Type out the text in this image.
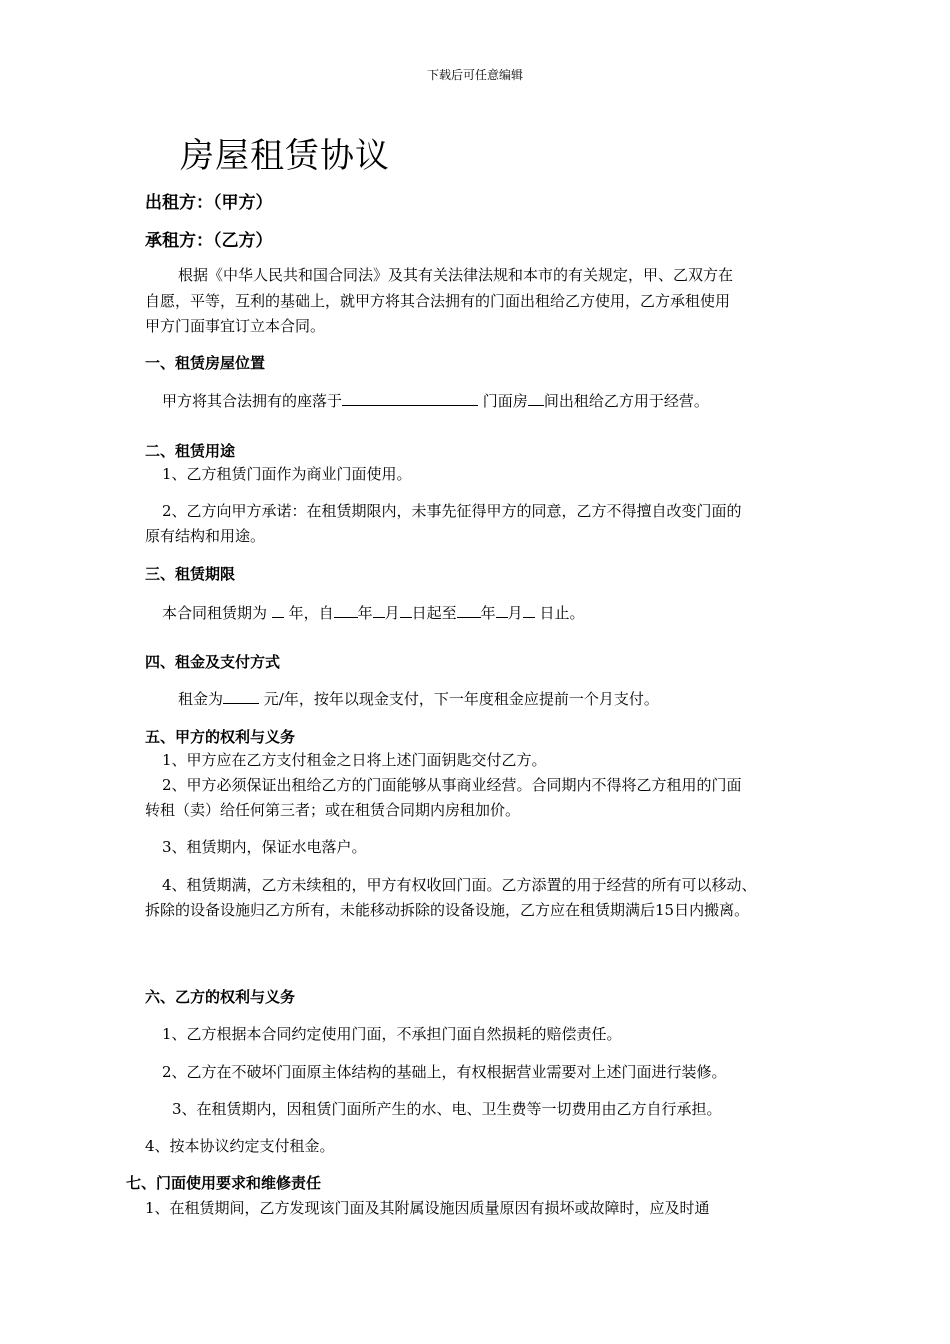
下载后可任意编辑
房屋租赁协议
出租方：（甲方）
承租方：（乙方）
根据《中华人民共和国合同法》及其有关法律法规和本市的有关规定，甲、乙双方在
自愿，平等，互利的基础上，就甲方将其合法拥有的门面出租给乙方使用，乙方承租使用
甲方门面事宜订立本合同。
一、租赁房屋位置
甲方将其合法拥有的座落于	门面房 间出租给乙方用于经营。
二、租赁用途
1、乙方租赁门面作为商业门面使用。
2、乙方向甲方承诺：在租赁期限内，未事先征得甲方的同意，乙方不得擅自改变门面的
原有结构和用途。
三、租赁期限
本合同租赁期为 年，自 年 月 日起至 年 月 日止。
四、租金及支付方式
租金为	元/年，按年以现金支付，下一年度租金应提前一个月支付。
五、甲方的权利与义务
1、甲方应在乙方支付租金之日将上述门面钥匙交付乙方。
2、甲方必须保证出租给乙方的门面能够从事商业经营。合同期内不得将乙方租用的门面
转租（卖）给任何第三者；或在租赁合同期内房租加价。
3、租赁期内，保证水电落户。
4、租赁期满，乙方未续租的，甲方有权收回门面。乙方添置的用于经营的所有可以移动、
拆除的设备设施归乙方所有，未能移动拆除的设备设施，乙方应在租赁期满后15日内搬离。
六、乙方的权利与义务
1、乙方根据本合同约定使用门面，不承担门面自然损耗的赔偿责任。
2、乙方在不破坏门面原主体结构的基础上，有权根据营业需要对上述门面进行装修。
3、在租赁期内，因租赁门面所产生的水、电、卫生费等一切费用由乙方自行承担。
4、按本协议约定支付租金。
七、门面使用要求和维修责任
1、在租赁期间，乙方发现该门面及其附属设施因质量原因有损坏或故障时，应及时通
